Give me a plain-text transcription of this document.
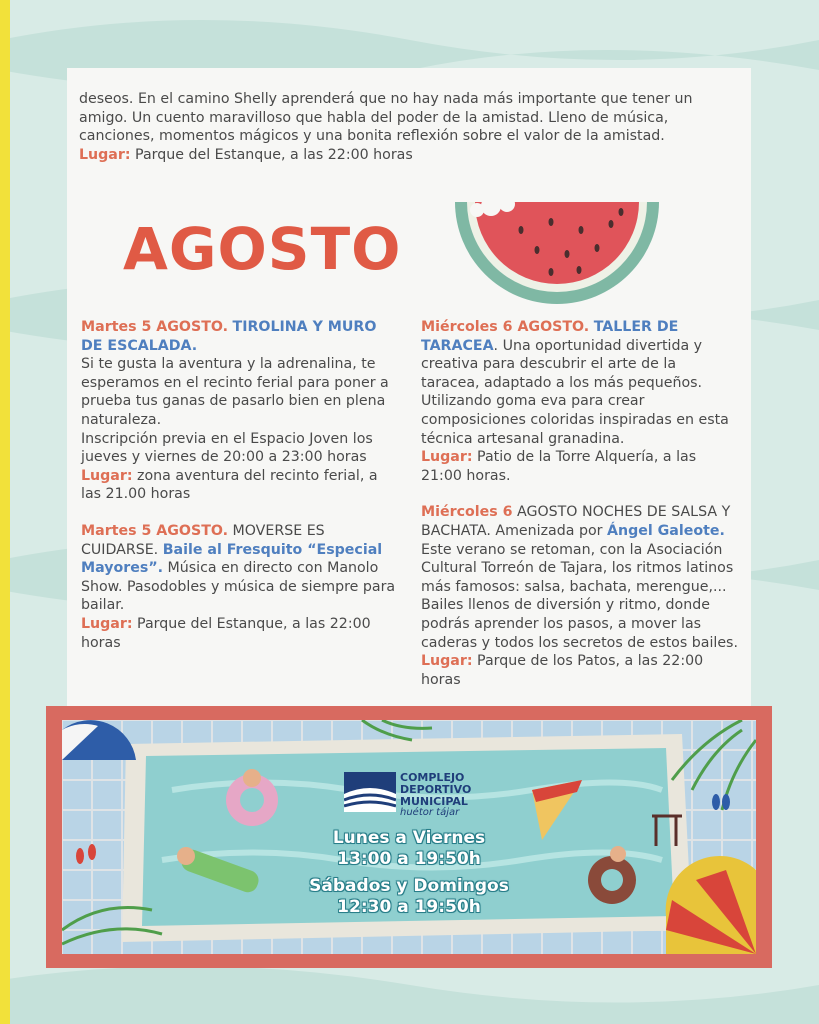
deseos. En el camino Shelly aprenderá que no hay nada más importante que tener un amigo. Un cuento maravilloso que habla del poder de la amistad. Lleno de música, canciones, momentos mágicos y una bonita reflexión sobre el valor de la amistad.
Lugar: Parque del Estanque, a las 22:00 horas

AGOSTO

Martes 5 AGOSTO. TIROLINA Y MURO DE ESCALADA.
Si te gusta la aventura y la adrenalina, te esperamos en el recinto ferial para poner a prueba tus ganas de pasarlo bien en plena naturaleza.
Inscripción previa en el Espacio Joven los jueves y viernes de 20:00 a 23:00 horas
Lugar: zona aventura del recinto ferial, a las 21.00 horas

Martes 5 AGOSTO. MOVERSE ES CUIDARSE. Baile al Fresquito “Especial Mayores”. Música en directo con Manolo Show. Pasodobles y música de siempre para bailar.
Lugar: Parque del Estanque, a las 22:00 horas

Miércoles 6 AGOSTO. TALLER DE TARACEA. Una oportunidad divertida y creativa para descubrir el arte de la taracea, adaptado a los más pequeños. Utilizando goma eva para crear composiciones coloridas inspiradas en esta técnica artesanal granadina.
Lugar: Patio de la Torre Alquería, a las 21:00 horas.

Miércoles 6 AGOSTO NOCHES DE SALSA Y BACHATA. Amenizada por Ángel Galeote. Este verano se retoman, con la Asociación Cultural Torreón de Tajara, los ritmos latinos más famosos: salsa, bachata, merengue,... Bailes llenos de diversión y ritmo, donde podrás aprender los pasos, a mover las caderas y todos los secretos de estos bailes. Lugar: Parque de los Patos, a las 22:00 horas

COMPLEJO
DEPORTIVO
MUNICIPAL
huétor tájar
Lunes a Viernes
13:00 a 19:50h
Sábados y Domingos
12:30 a 19:50h
